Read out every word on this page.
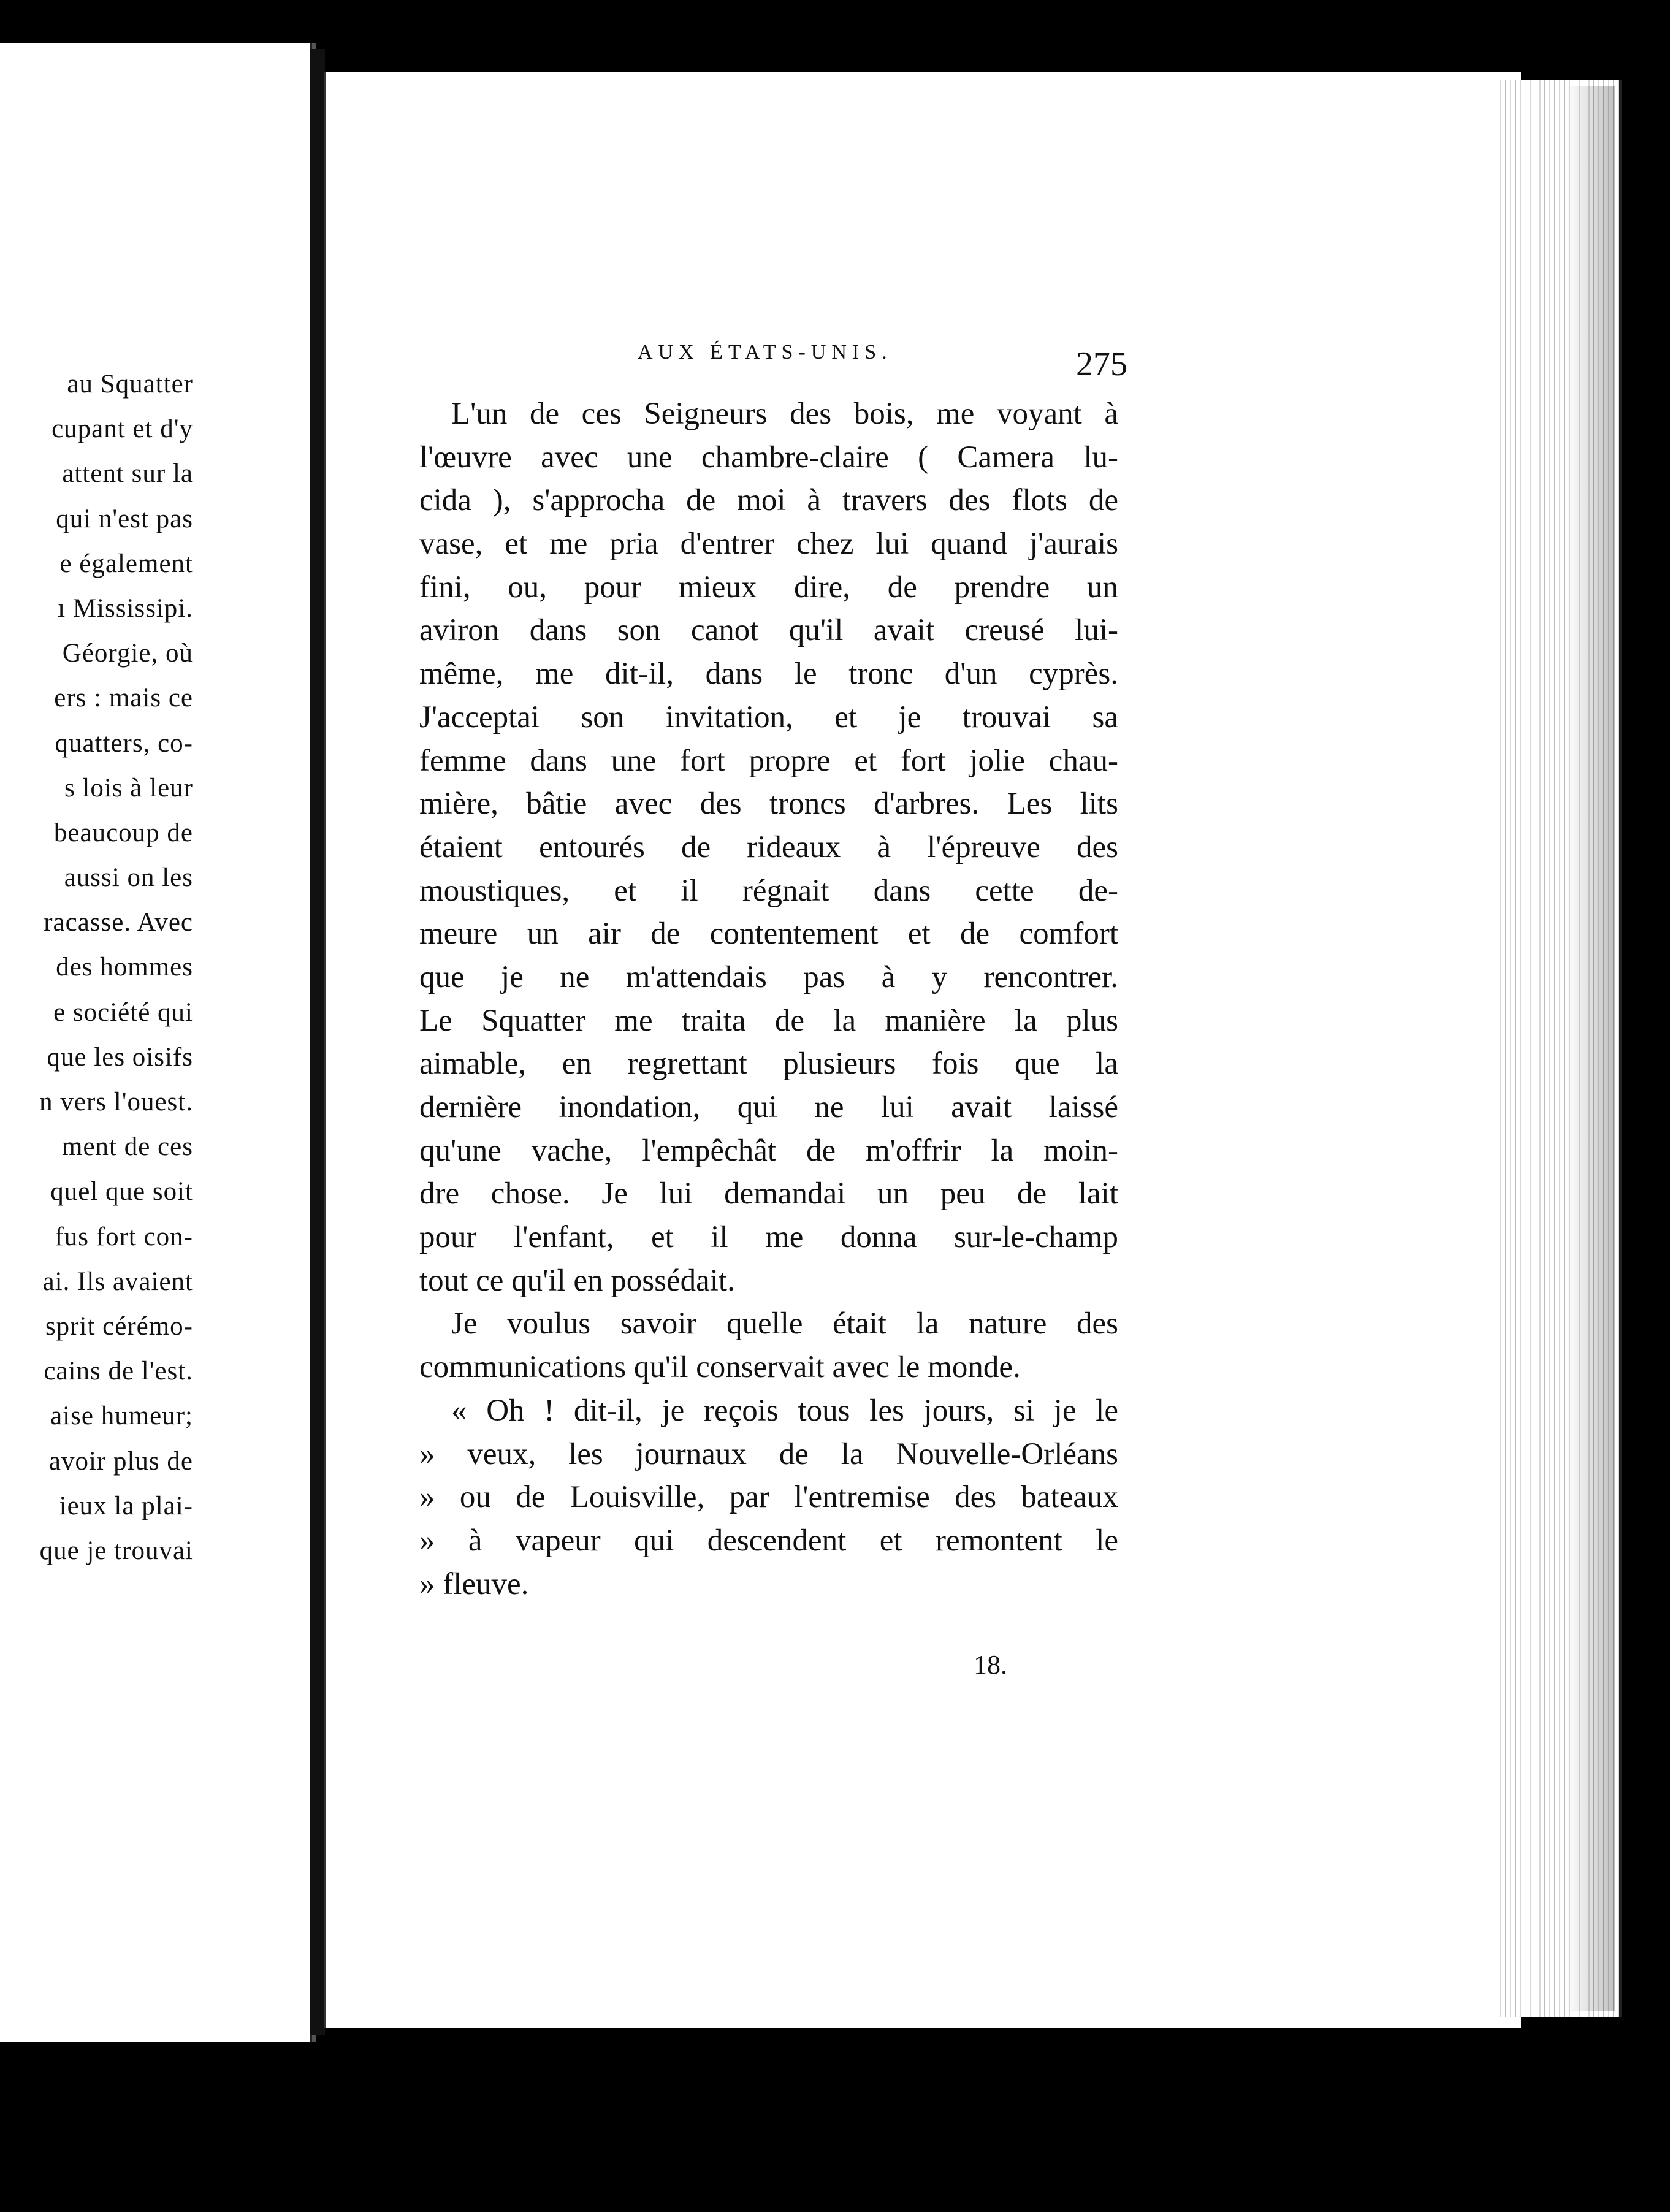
au Squatter
cupant et d'y
attent sur la
qui n'est pas
e également
ı Mississipi.
Géorgie, où
ers : mais ce
quatters, co-
s lois à leur
beaucoup de
aussi on les
racasse. Avec
des hommes
e société qui
que les oisifs
n vers l'ouest.
ment de ces
quel que soit
fus fort con-
ai. Ils avaient
sprit cérémo-
cains de l'est.
aise humeur;
avoir plus de
ieux la plai-
que je trouvai
AUX ÉTATS-UNIS.	275
L'un de ces Seigneurs des bois, me voyant à
l'œuvre avec une chambre-claire ( Camera lu-
cida ), s'approcha de moi à travers des flots de
vase, et me pria d'entrer chez lui quand j'aurais
fini, ou, pour mieux dire, de prendre un
aviron dans son canot qu'il avait creusé lui-
même, me dit-il, dans le tronc d'un cyprès.
J'acceptai son invitation, et je trouvai sa
femme dans une fort propre et fort jolie chau-
mière, bâtie avec des troncs d'arbres. Les lits
étaient entourés de rideaux à l'épreuve des
moustiques, et il régnait dans cette de-
meure un air de contentement et de comfort
que je ne m'attendais pas à y rencontrer.
Le Squatter me traita de la manière la plus
aimable, en regrettant plusieurs fois que la
dernière inondation, qui ne lui avait laissé
qu'une vache, l'empêchât de m'offrir la moin-
dre chose. Je lui demandai un peu de lait
pour l'enfant, et il me donna sur-le-champ
tout ce qu'il en possédait.
Je voulus savoir quelle était la nature des
communications qu'il conservait avec le monde.
« Oh ! dit-il, je reçois tous les jours, si je le
» veux, les journaux de la Nouvelle-Orléans
» ou de Louisville, par l'entremise des bateaux
» à vapeur qui descendent et remontent le
» fleuve.
18.
